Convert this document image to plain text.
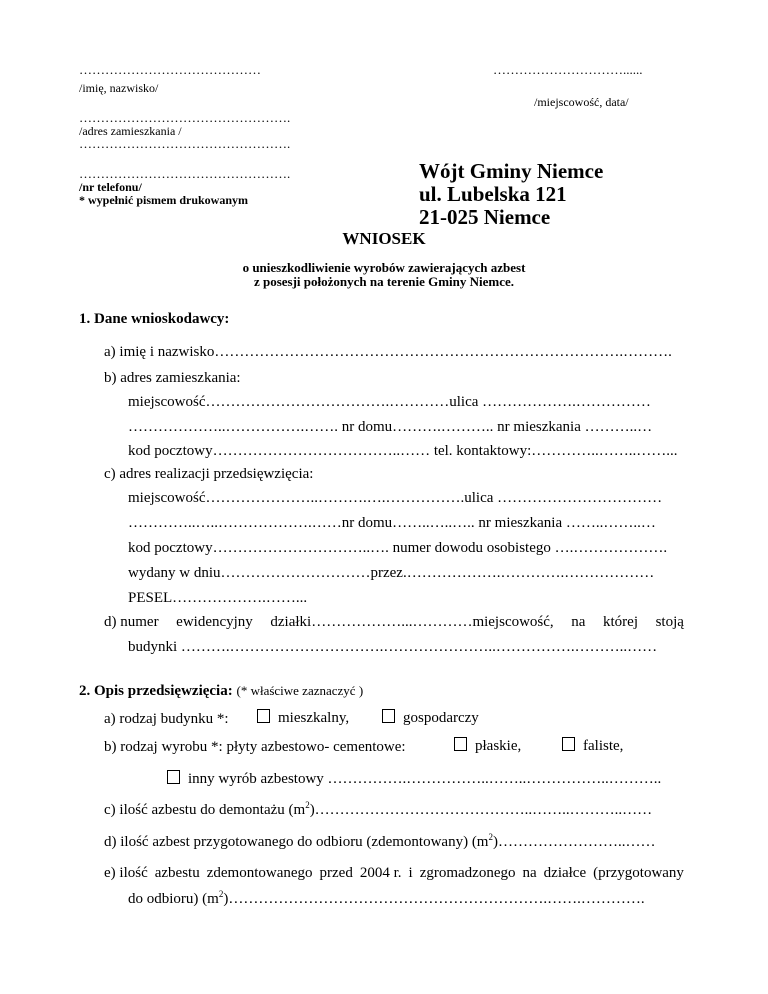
……………………………………
/imię, nazwisko/
………………………………………….
/adres zamieszkania /
………………………………………….
………………………………………….
/nr telefonu/
* wypełnić pismem drukowanym
…………………………......
/miejscowość, data/
Wójt Gminy Niemce
ul. Lubelska 121
21-025 Niemce
WNIOSEK
o unieszkodliwienie wyrobów zawierających azbest
z posesji położonych na terenie Gminy Niemce.
1. Dane wnioskodawcy:
a) imię i nazwisko……………………………………………………………………….……….
b) adres zamieszkania:
miejscowość……………………………….…………ulica ……………….……………
………………..…………….……. nr domu……….……….. nr mieszkania ………..…
kod pocztowy………………………………..…… tel. kontaktowy:…………..……..……...
c) adres realizacji przedsięwzięcia:
miejscowość…………………..……….….…………….ulica ……………………………
…………..…..……………….……nr domu……..…..….. nr mieszkania ……..……..…
kod pocztowy…………………………..…. numer dowodu osobistego ….……………….
wydany w dniu…………………………przez.……………….………….………………
PESEL……………….……...
d) numer ewidencyjny działki………………...…………miejscowość, na której stoją
budynki ……….………………………….…………………..…………….………..……
2. Opis przedsięwzięcia: (* właściwe zaznaczyć )
a) rodzaj budynku *:	mieszkalny,	gospodarczy
b) rodzaj wyrobu *: płyty azbestowo- cementowe:	płaskie,	faliste,
inny wyrób azbestowy …………….……………..……..……………..………..
c) ilość azbestu do demontażu $(m^2)\dots\dots\dots\dots\dots\dots\dots\dots\dots\dots\dots\dots\dots\dots..\dots\dots..\dots\dots\dots..\dots\dots$
d) ilość azbest przygotowanego do odbioru (zdemontowany) $(m^2)\dots\dots\dots\dots\dots\dots\dots\dots..\dots\dots$
e) ilość azbestu zdemontowanego przed 2004 r. i zgromadzonego na działce (przygotowany
do odbioru) $(m^2)\dots\dots\dots\dots\dots\dots\dots\dots\dots\dots\dots\dots\dots\dots\dots\dots\dots\dots\dots\dots\dots.\dots\dots.\dots\dots\dots\dots$.
